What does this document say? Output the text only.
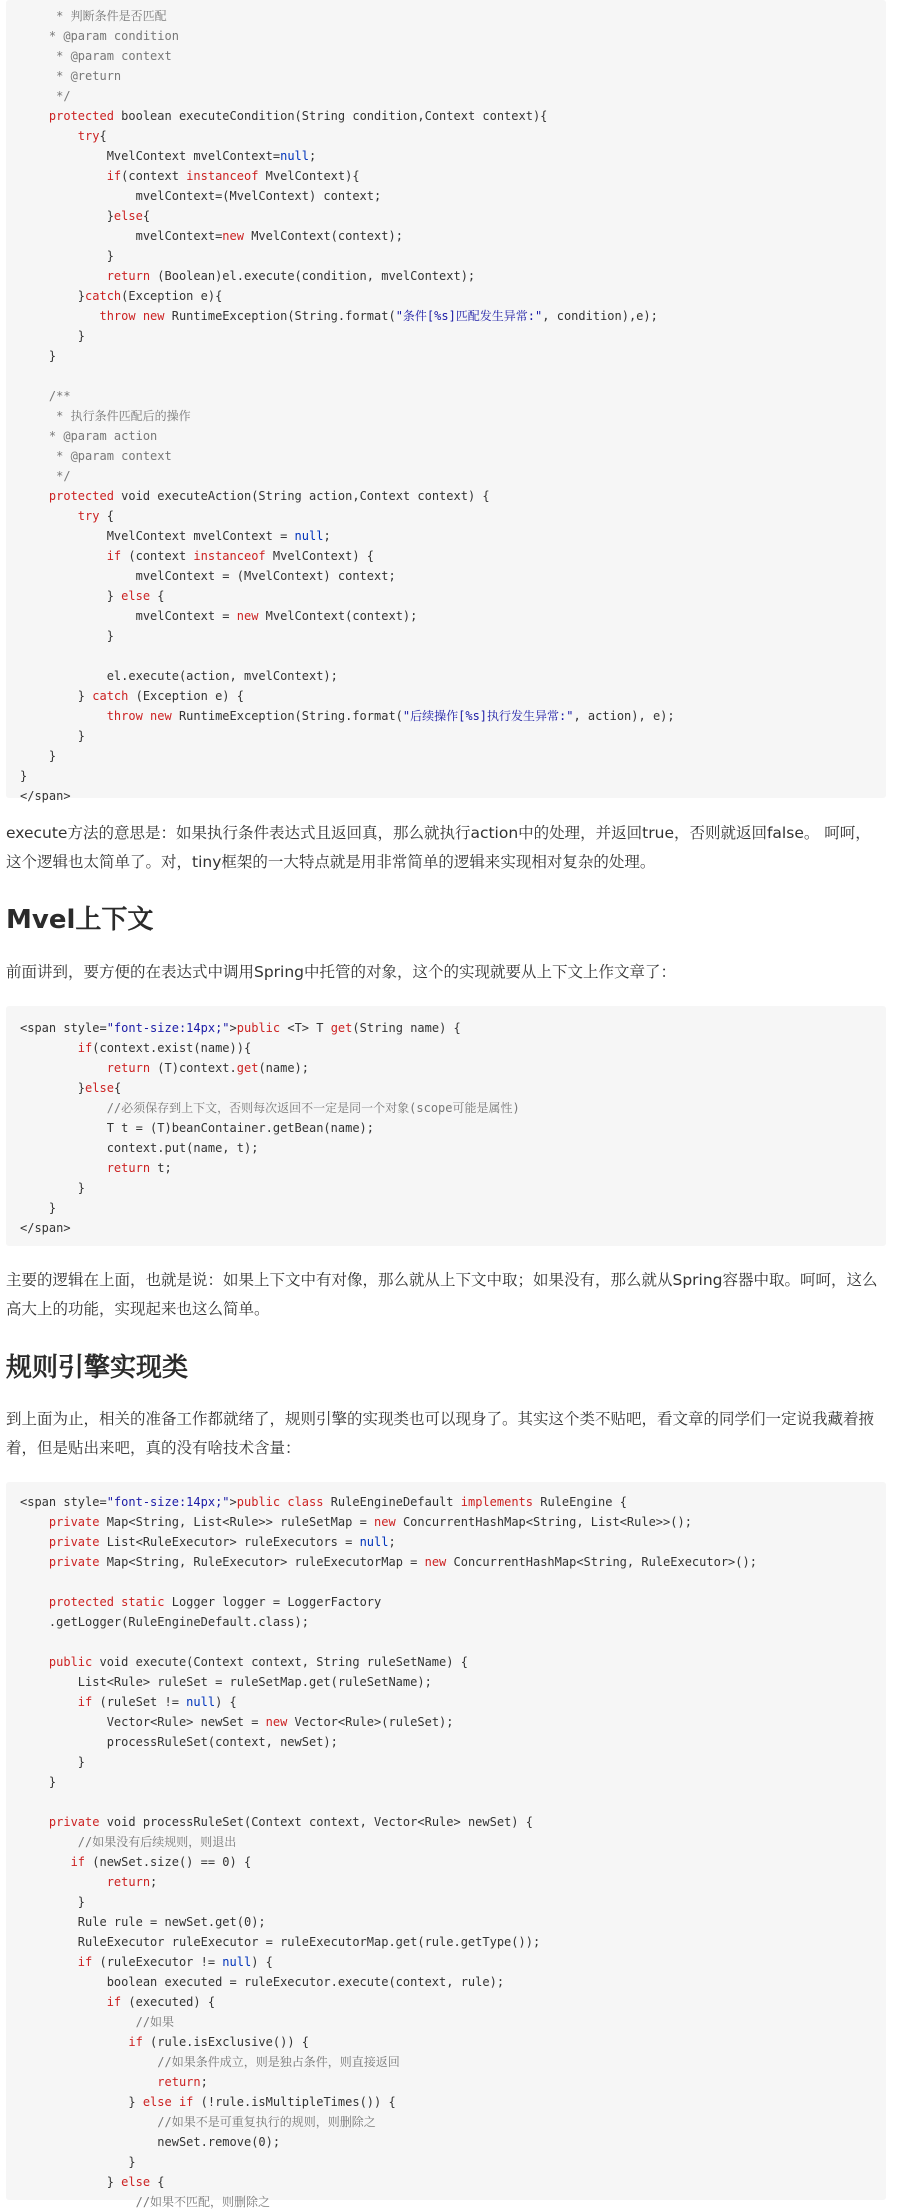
* 判断条件是否匹配
* @param condition
* @param context
* @return
*/
protected boolean executeCondition(String condition,Context context){
try{
MvelContext mvelContext=null;
if(context instanceof MvelContext){
mvelContext=(MvelContext) context;
}else{
mvelContext=new MvelContext(context);
}
return (Boolean)el.execute(condition, mvelContext);
}catch(Exception e){
throw new RuntimeException(String.format("条件[%s]匹配发生异常:", condition),e);
}
}
/**
* 执行条件匹配后的操作
* @param action
* @param context
*/
protected void executeAction(String action,Context context) {
try {
MvelContext mvelContext = null;
if (context instanceof MvelContext) {
mvelContext = (MvelContext) context;
} else {
mvelContext = new MvelContext(context);
}
el.execute(action, mvelContext);
} catch (Exception e) {
throw new RuntimeException(String.format("后续操作[%s]执行发生异常:", action), e);
}
}
}
</span>

execute方法的意思是：如果执行条件表达式且返回真，那么就执行action中的处理，并返回true，否则就返回false。 呵呵，这个逻辑也太简单了。对，tiny框架的一大特点就是用非常简单的逻辑来实现相对复杂的处理。

Mvel上下文

前面讲到，要方便的在表达式中调用Spring中托管的对象，这个的实现就要从上下文上作文章了：

<span style="font-size:14px;">public <T> T get(String name) {
if(context.exist(name)){
return (T)context.get(name);
}else{
//必须保存到上下文，否则每次返回不一定是同一个对象(scope可能是属性)
T t = (T)beanContainer.getBean(name);
context.put(name, t);
return t;
}
}
</span>

主要的逻辑在上面，也就是说：如果上下文中有对像，那么就从上下文中取；如果没有，那么就从Spring容器中取。呵呵，这么高大上的功能，实现起来也这么简单。

规则引擎实现类

到上面为止，相关的准备工作都就绪了，规则引擎的实现类也可以现身了。其实这个类不贴吧，看文章的同学们一定说我藏着掖着，但是贴出来吧，真的没有啥技术含量：

<span style="font-size:14px;">public class RuleEngineDefault implements RuleEngine {
private Map<String, List<Rule>> ruleSetMap = new ConcurrentHashMap<String, List<Rule>>();
private List<RuleExecutor> ruleExecutors = null;
private Map<String, RuleExecutor> ruleExecutorMap = new ConcurrentHashMap<String, RuleExecutor>();
protected static Logger logger = LoggerFactory
.getLogger(RuleEngineDefault.class);
public void execute(Context context, String ruleSetName) {
List<Rule> ruleSet = ruleSetMap.get(ruleSetName);
if (ruleSet != null) {
Vector<Rule> newSet = new Vector<Rule>(ruleSet);
processRuleSet(context, newSet);
}
}
private void processRuleSet(Context context, Vector<Rule> newSet) {
//如果没有后续规则，则退出
if (newSet.size() == 0) {
return;
}
Rule rule = newSet.get(0);
RuleExecutor ruleExecutor = ruleExecutorMap.get(rule.getType());
if (ruleExecutor != null) {
boolean executed = ruleExecutor.execute(context, rule);
if (executed) {
//如果
if (rule.isExclusive()) {
//如果条件成立，则是独占条件，则直接返回
return;
} else if (!rule.isMultipleTimes()) {
//如果不是可重复执行的规则，则删除之
newSet.remove(0);
}
} else {
//如果不匹配，则删除之
